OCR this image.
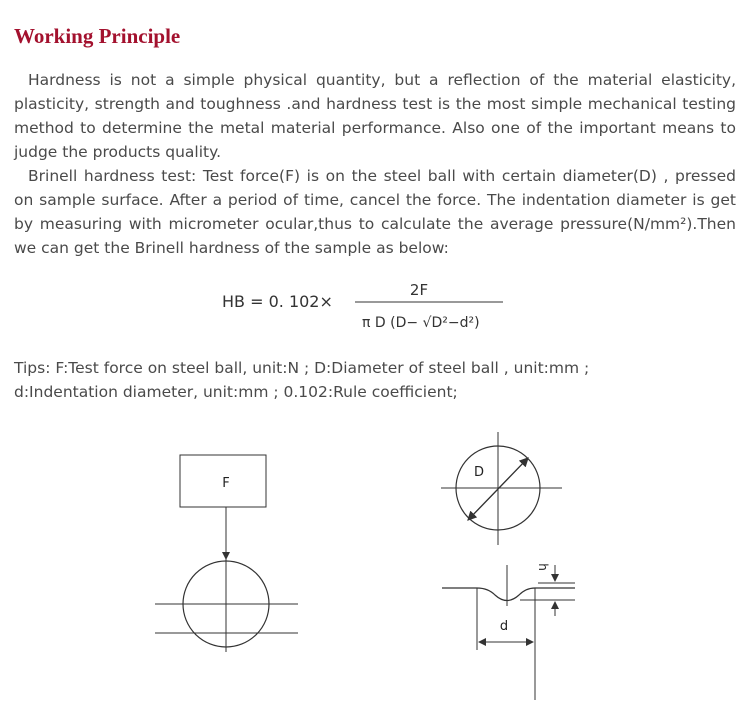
Working Principle

Hardness is not a simple physical quantity, but a reflection of the material elasticity, plasticity, strength and toughness .and hardness test is the most simple mechanical testing method to determine the metal material performance. Also one of the important means to judge the products quality.

Brinell hardness test: Test force(F) is on the steel ball with certain diameter(D) , pressed on sample surface. After a period of time, cancel the force. The indentation diameter is get by measuring with micrometer ocular,thus to calculate the average pressure(N/mm²).Then we can get the Brinell hardness of the sample as below:

HB = 0. 102×
2F
π D (D− √D²−d²)
Tips: F:Test force on steel ball, unit:N ; D:Diameter of steel ball , unit:mm ;
d:Indentation diameter, unit:mm ; 0.102:Rule coefficient;
F
D
d
h
